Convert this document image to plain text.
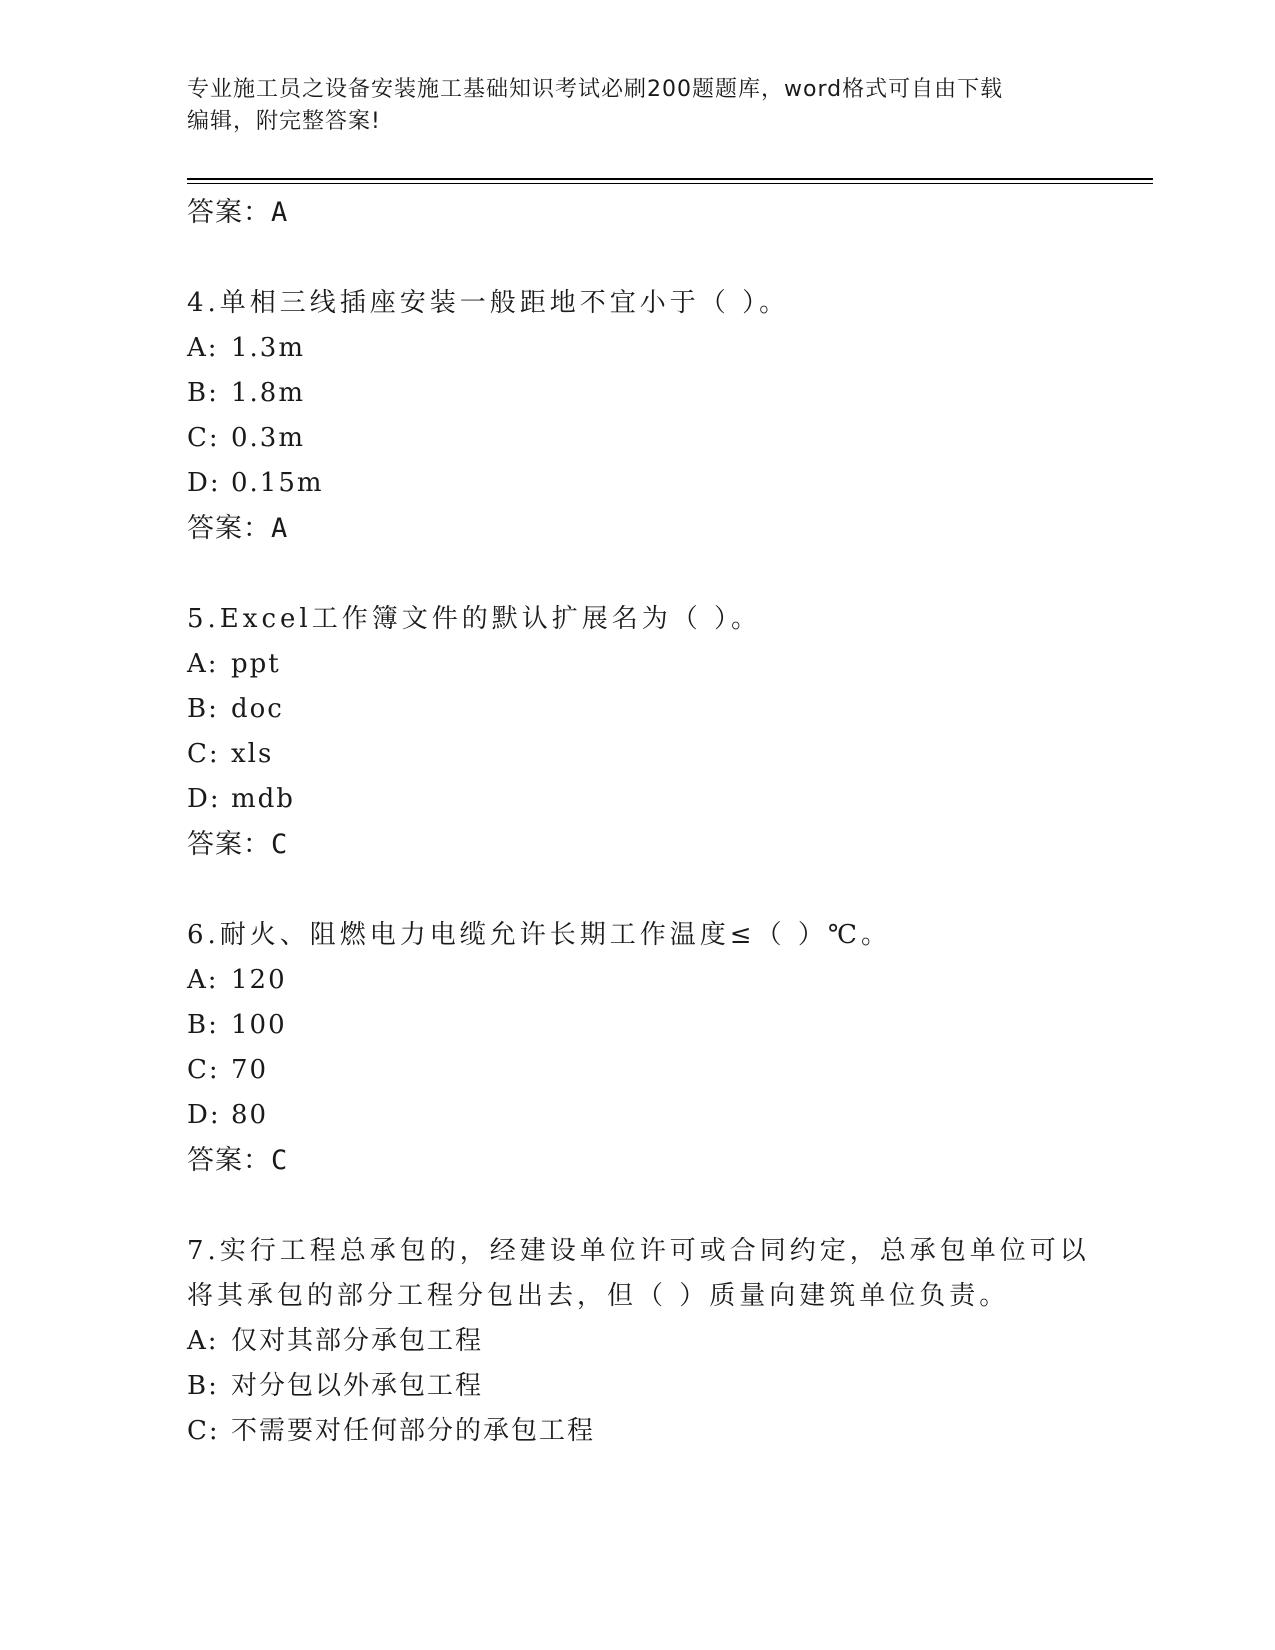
专业施工员之设备安装施工基础知识考试必刷200题题库，word格式可自由下载
编辑，附完整答案!
答案：A
4.单相三线插座安装一般距地不宜小于（ ）。
A: 1.3m
B: 1.8m
C: 0.3m
D: 0.15m
答案：A
5.Excel工作簿文件的默认扩展名为（ ）。
A: ppt
B: doc
C: xls
D: mdb
答案：C
6.耐火、阻燃电力电缆允许长期工作温度≤（ ）℃。
A: 120
B: 100
C: 70
D: 80
答案：C
7.实行工程总承包的，经建设单位许可或合同约定，总承包单位可以
将其承包的部分工程分包出去，但（ ）质量向建筑单位负责。
A: 仅对其部分承包工程
B: 对分包以外承包工程
C: 不需要对任何部分的承包工程
